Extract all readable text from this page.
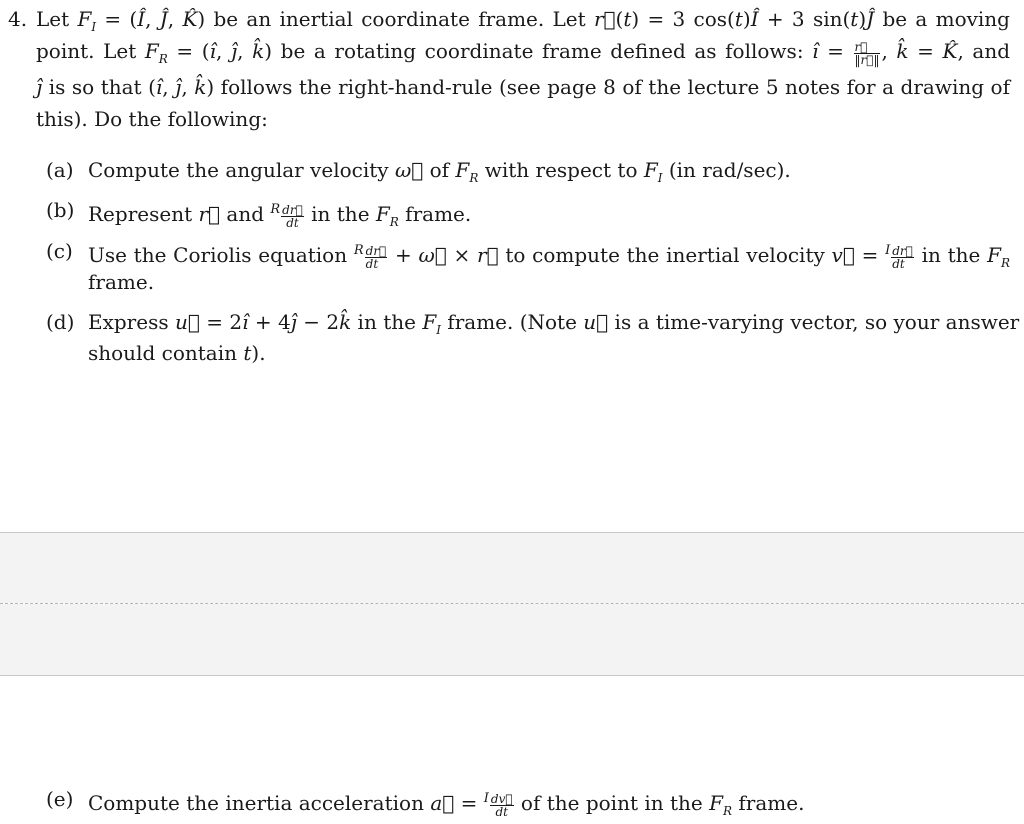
4. Let $F_I$ = (Î, Ĵ, K̂) be an inertial coordinate frame. Let r⃗(t) = 3 cos(t)Î + 3 sin(t)Ĵ be a moving
point. Let $F_R$ = (î, ĵ, k̂) be a rotating coordinate frame defined as follows: î = $\frac{r⃗}{‖r⃗‖}$ , k̂ = K̂, and
ĵ is so that (î, ĵ, k̂) follows the right-hand-rule (see page 8 of the lecture 5 notes for a drawing of
this). Do the following:
(a) Compute the angular velocity ω⃗ of $F_R$ with respect to $F_I$ (in rad/sec).
(b) Represent r⃗ and $^R \frac{dr⃗}{dt}$ in the $F_R$ frame.
(c) Use the Coriolis equation $^R \frac{dr⃗}{dt}$ + ω⃗ × r⃗ to compute the inertial velocity v⃗ = $^I \frac{dr⃗}{dt}$ in the $F_R$
frame.
(d) Express u⃗ = 2î + 4ĵ − 2k̂ in the $F_I$ frame. (Note u⃗ is a time-varying vector, so your answer
should contain t).
(e) Compute the inertia acceleration a⃗ = $^I \frac{dv⃗}{dt}$ of the point in the $F_R$ frame.
